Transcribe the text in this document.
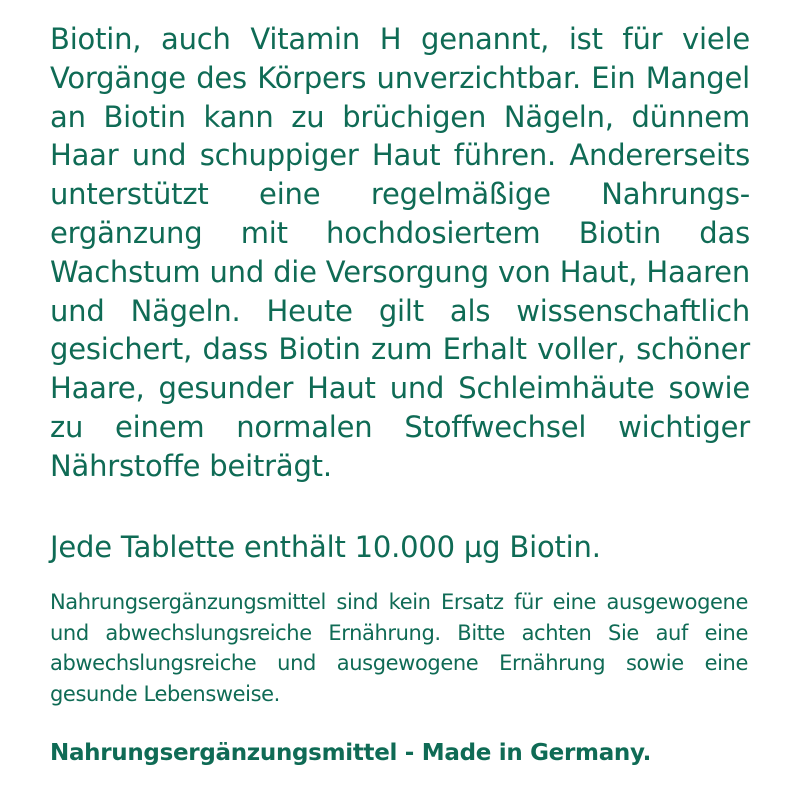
Biotin, auch Vitamin H genannt, ist für viele Vorgänge des Körpers unverzichtbar. Ein Mangel an Biotin kann zu brüchigen Nägeln, dünnem Haar und schuppiger Haut führen. Andererseits unterstützt eine regelmäßige Nahrungs-ergänzung mit hochdosiertem Biotin das Wachstum und die Versorgung von Haut, Haaren und Nägeln. Heute gilt als wissenschaftlich gesichert, dass Biotin zum Erhalt voller, schöner Haare, gesunder Haut und Schleimhäute sowie zu einem normalen Stoffwechsel wichtiger Nährstoffe beiträgt.

Jede Tablette enthält 10.000 µg Biotin.

Nahrungsergänzungsmittel sind kein Ersatz für eine ausgewogene und abwechslungsreiche Ernährung. Bitte achten Sie auf eine abwechslungsreiche und ausgewogene Ernährung sowie eine gesunde Lebensweise.

Nahrungsergänzungsmittel - Made in Germany.
